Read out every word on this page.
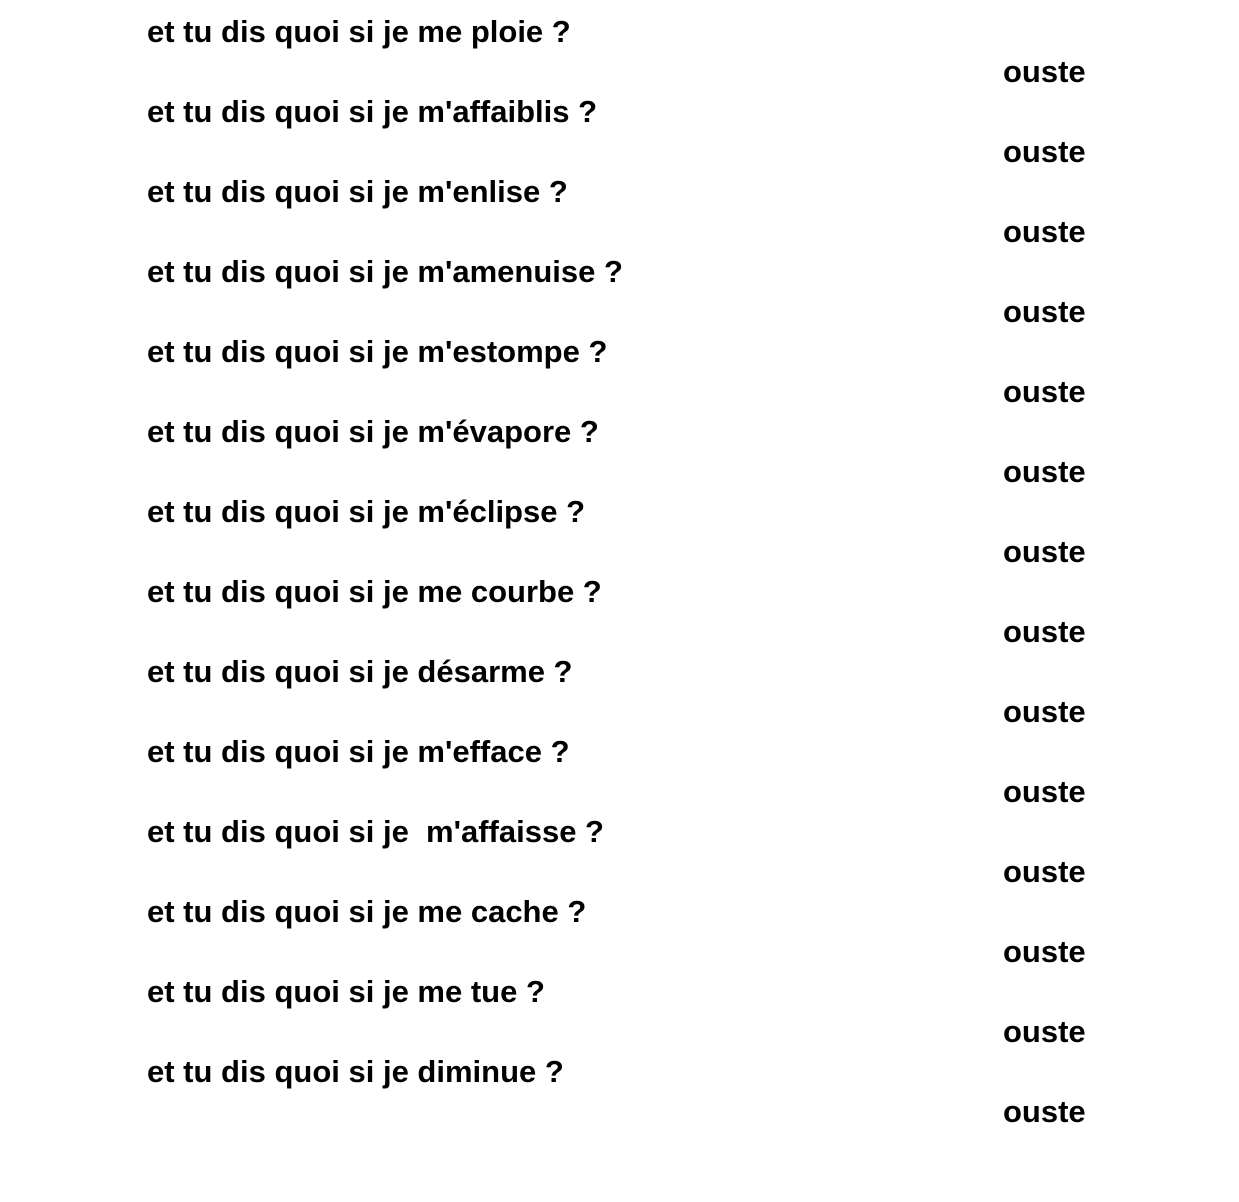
et tu dis quoi si je me ploie ?
ouste
et tu dis quoi si je m'affaiblis ?
ouste
et tu dis quoi si je m'enlise ?
ouste
et tu dis quoi si je m'amenuise ?
ouste
et tu dis quoi si je m'estompe ?
ouste
et tu dis quoi si je m'évapore ?
ouste
et tu dis quoi si je m'éclipse ?
ouste
et tu dis quoi si je me courbe ?
ouste
et tu dis quoi si je désarme ?
ouste
et tu dis quoi si je m'efface ?
ouste
et tu dis quoi si je  m'affaisse ?
ouste
et tu dis quoi si je me cache ?
ouste
et tu dis quoi si je me tue ?
ouste
et tu dis quoi si je diminue ?
ouste
